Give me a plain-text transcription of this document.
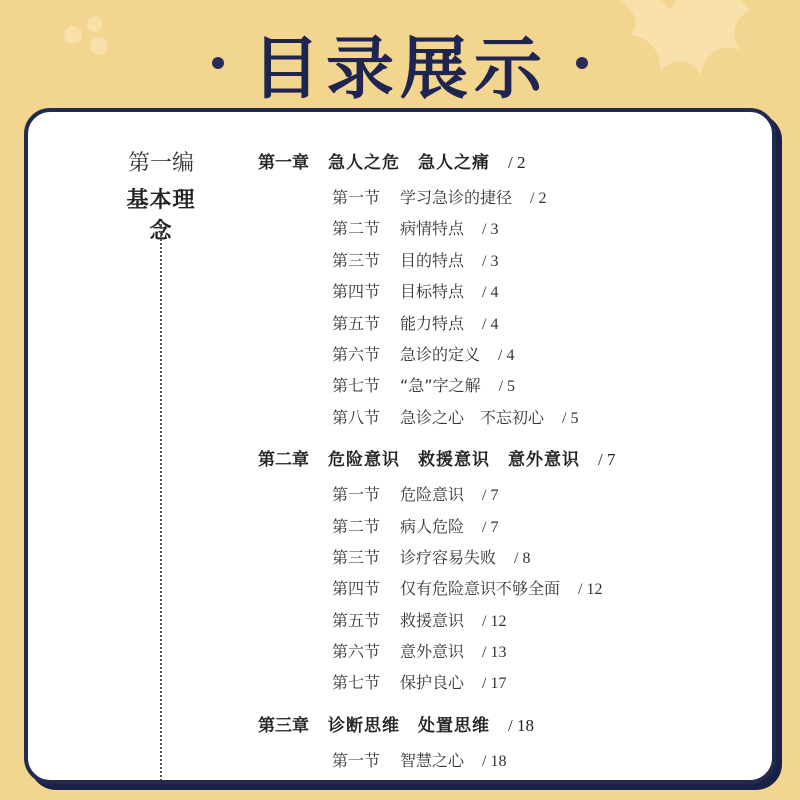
目录展示
第一编
基本理念
第一章 急人之危　急人之痛 / 2
第一节 学习急诊的捷径 / 2
第二节 病情特点 / 3
第三节 目的特点 / 3
第四节 目标特点 / 4
第五节 能力特点 / 4
第六节 急诊的定义 / 4
第七节 “急”字之解 / 5
第八节 急诊之心　不忘初心 / 5
第二章 危险意识　救援意识　意外意识 / 7
第一节 危险意识 / 7
第二节 病人危险 / 7
第三节 诊疗容易失败 / 8
第四节 仅有危险意识不够全面 / 12
第五节 救援意识 / 12
第六节 意外意识 / 13
第七节 保护良心 / 17
第三章 诊断思维　处置思维 / 18
第一节 智慧之心 / 18
